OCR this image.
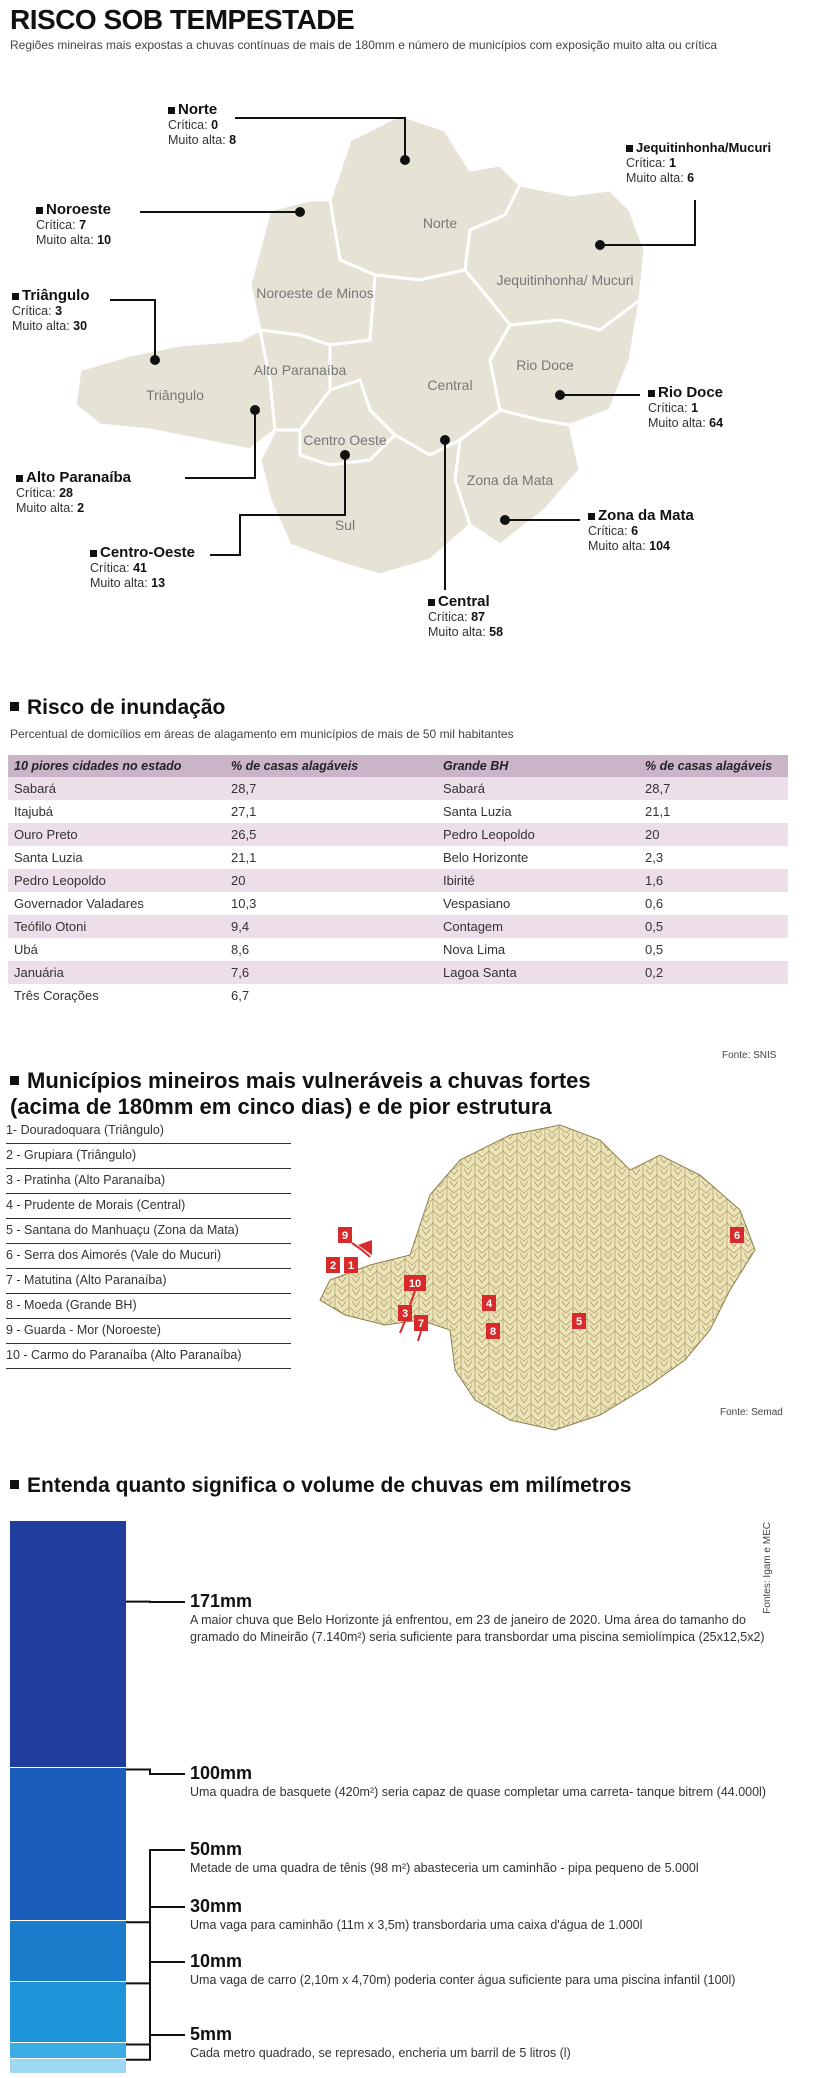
RISCO SOB TEMPESTADE
Regiões mineiras mais expostas a chuvas contínuas de mais de 180mm e número de municípios com exposição muito alta ou crítica
Norte
Noroeste de Minos
Jequitinhonha/ Mucuri
Triângulo
Alto Paranaíba
Central
Rio Doce
Centro Oeste
Zona da Mata
Sul
Norte
Crítica: 0
Muito alta: 8
Noroeste
Crítica: 7
Muito alta: 10
Triângulo
Crítica: 3
Muito alta: 30
Alto Paranaíba
Crítica: 28
Muito alta: 2
Centro-Oeste
Crítica: 41
Muito alta: 13
Central
Crítica: 87
Muito alta: 58
Zona da Mata
Crítica: 6
Muito alta: 104
Rio Doce
Crítica: 1
Muito alta: 64
Jequitinhonha/Mucuri
Crítica: 1
Muito alta: 6
Risco de inundação
Percentual de domicílios em áreas de alagamento em municípios de mais de 50 mil habitantes
10 piores cidades no estado	% de casas alagáveis	Grande BH	% de casas alagáveis
Sabará	28,7	Sabará	28,7
Itajubá	27,1	Santa Luzia	21,1
Ouro Preto	26,5	Pedro Leopoldo	20
Santa Luzia	21,1	Belo Horizonte	2,3
Pedro Leopoldo	20	Ibirité	1,6
Governador Valadares	10,3	Vespasiano	0,6
Teófilo Otoni	9,4	Contagem	0,5
Ubá	8,6	Nova Lima	0,5
Januária	7,6	Lagoa Santa	0,2
Três Corações	6,7		
Fonte: SNIS
Municípios mineiros mais vulneráveis a chuvas fortes
(acima de 180mm em cinco dias) e de pior estrutura
1- Douradoquara (Triângulo)
2 - Grupiara (Triângulo)
3 - Pratinha (Alto Paranaíba)
4 - Prudente de Morais (Central)
5 - Santana do Manhuaçu (Zona da Mata)
6 - Serra dos Aimorés (Vale do Mucuri)
7 - Matutina (Alto Paranaíba)
8 - Moeda (Grande BH)
9 - Guarda - Mor (Noroeste)
10 - Carmo do Paranaíba (Alto Paranaíba)
1
2
3
4
5
6
7
8
9
10
Fonte: Semad
Entenda quanto significa o volume de chuvas em milímetros
Fontes: Igam e MEC
171mm
A maior chuva que Belo Horizonte já enfrentou, em 23 de janeiro de 2020. Uma área do tamanho do gramado do Mineirão (7.140m²) seria suficiente para transbordar uma piscina semiolímpica (25x12,5x2)
100mm
Uma quadra de basquete (420m²) seria capaz de quase completar uma carreta- tanque bitrem (44.000l)
50mm
Metade de uma quadra de tênis (98 m²) abasteceria um caminhão - pipa pequeno de 5.000l
30mm
Uma vaga para caminhão (11m x 3,5m) transbordaria uma caixa d'água de 1.000l
10mm
Uma vaga de carro (2,10m x 4,70m) poderia conter água suficiente para uma piscina infantil (100l)
5mm
Cada metro quadrado, se represado, encheria um barril de 5 litros (l)
